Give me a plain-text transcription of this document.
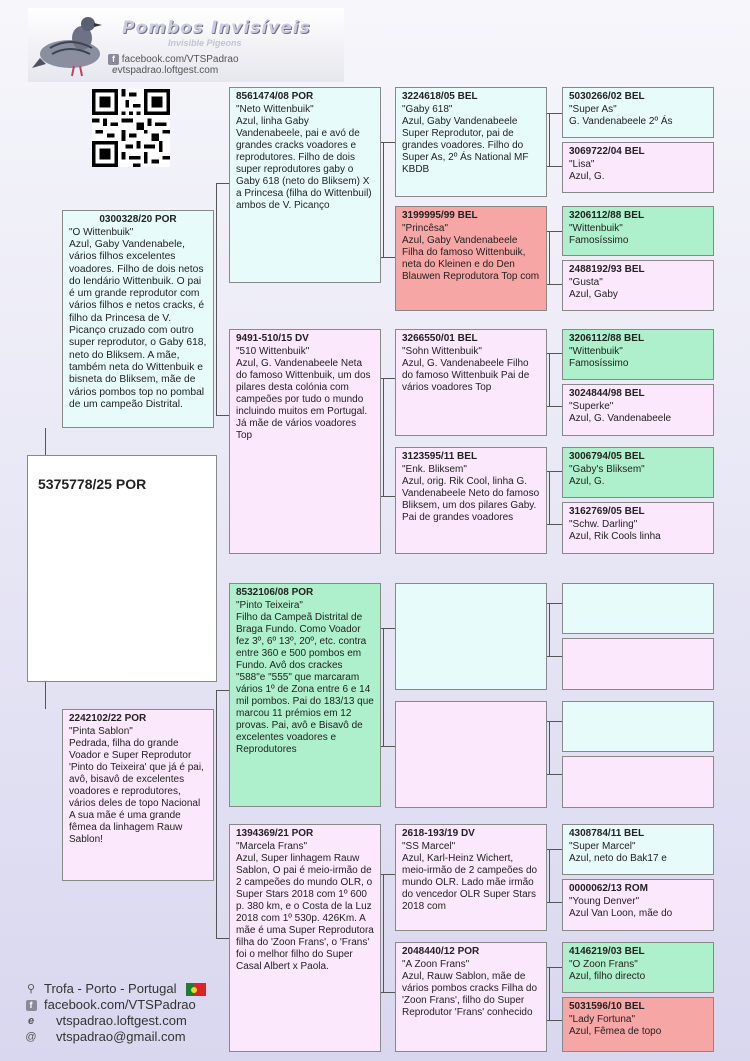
Pombos Invisíveis
Invisible Pigeons
f facebook.com/VTSPadrao evtspadrao.loftgest.com
5375778/25 POR
0300328/20 POR
"O Wittenbuik"
Azul, Gaby Vandenabele, vários filhos excelentes voadores. Filho de dois netos do lendário Wittenbuik. O pai é um grande reprodutor com vários filhos e netos cracks, é filho da Princesa de V. Picanço cruzado com outro super reprodutor, o Gaby 618, neto do Bliksem. A mãe, também neta do Wittenbuik e bisneta do Bliksem, mãe de vários pombos top no pombal de um campeão Distrital.
2242102/22 POR
"Pinta Sablon"
Pedrada, filha do grande Voador e Super Reprodutor 'Pinto do Teixeira' que já é pai, avô, bisavô de excelentes voadores e reprodutores, vários deles de topo Nacional A sua mãe é uma grande fêmea da linhagem Rauw Sablon!
8561474/08 POR
"Neto Wittenbuik"
Azul, linha Gaby Vandenabeele, pai e avó de grandes cracks voadores e reprodutores. Filho de dois super reprodutores gaby o Gaby 618 (neto do Bliksem) X a Princesa (filha do Wittenbuil) ambos de V. Picanço
9491-510/15 DV
"510 Wittenbuik"
Azul, G. Vandenabeele Neta do famoso Wittenbuik, um dos pilares desta colónia com campeões por tudo o mundo incluindo muitos em Portugal. Já mãe de vários voadores Top
8532106/08 POR
"Pinto Teixeira"
Filho da Campeã Distrital de Braga Fundo. Como Voador fez 3º, 6º 13º, 20º, etc. contra entre 360 e 500 pombos em Fundo. Avô dos crackes "588"e "555" que marcaram vários 1º de Zona entre 6 e 14 mil pombos. Pai do 183/13 que marcou 11 prémios em 12 provas. Pai, avô e Bisavô de excelentes voadores e Reprodutores
1394369/21 POR
"Marcela Frans"
Azul, Super linhagem Rauw Sablon, O pai é meio-irmão de 2 campeões do mundo OLR, o Super Stars 2018 com 1º 600 p. 380 km, e o Costa de la Luz 2018 com 1º 530p. 426Km. A mãe é uma Super Reprodutora filha do 'Zoon Frans', o 'Frans' foi o melhor filho do Super Casal Albert x Paola.
3224618/05 BEL
"Gaby 618"
Azul, Gaby Vandenabeele Super Reprodutor, pai de grandes voadores. Filho do Super As, 2º Ás National MF KBDB
3199995/99 BEL
"Princêsa"
Azul, Gaby Vandenabeele Filha do famoso Wittenbuik, neta do Kleinen e do Den Blauwen Reprodutora Top com
3266550/01 BEL
"Sohn Wittenbuik"
Azul, G. Vandenabeele Filho do famoso Wittenbuik Pai de vários voadores Top
3123595/11 BEL
"Enk. Bliksem"
Azul, orig. Rik Cool, linha G. Vandenabeele Neto do famoso Bliksem, um dos pilares Gaby. Pai de grandes voadores
2618-193/19 DV
"SS Marcel"
Azul, Karl-Heinz Wichert, meio-irmão de 2 campeões do mundo OLR. Lado mãe irmão do vencedor OLR Super Stars 2018 com
2048440/12 POR
"A Zoon Frans"
Azul, Rauw Sablon, mãe de vários pombos cracks Filha do 'Zoon Frans', filho do Super Reprodutor 'Frans' conhecido
5030266/02 BEL
"Super As"
G. Vandenabeele 2º Ás
3069722/04 BEL
"Lisa"
Azul, G.
3206112/88 BEL
"Wittenbuik"
Famosíssimo
2488192/93 BEL
"Gusta"
Azul, Gaby
3206112/88 BEL
"Wittenbuik"
Famosíssimo
3024844/98 BEL
"Superke"
Azul, G. Vandenabeele
3006794/05 BEL
"Gaby's Bliksem"
Azul, G.
3162769/05 BEL
"Schw. Darling"
Azul, Rik Cools linha
4308784/11 BEL
"Super Marcel"
Azul, neto do Bak17 e
0000062/13 ROM
"Young Denver"
Azul Van Loon, mãe do
4146219/03 BEL
"O Zoon Frans"
Azul, filho directo
5031596/10 BEL
"Lady Fortuna"
Azul, Fêmea de topo
⚲ Trofa - Porto - Portugal
f facebook.com/VTSPadrao
e	vtspadrao.loftgest.com
@ vtspadrao@gmail.com
